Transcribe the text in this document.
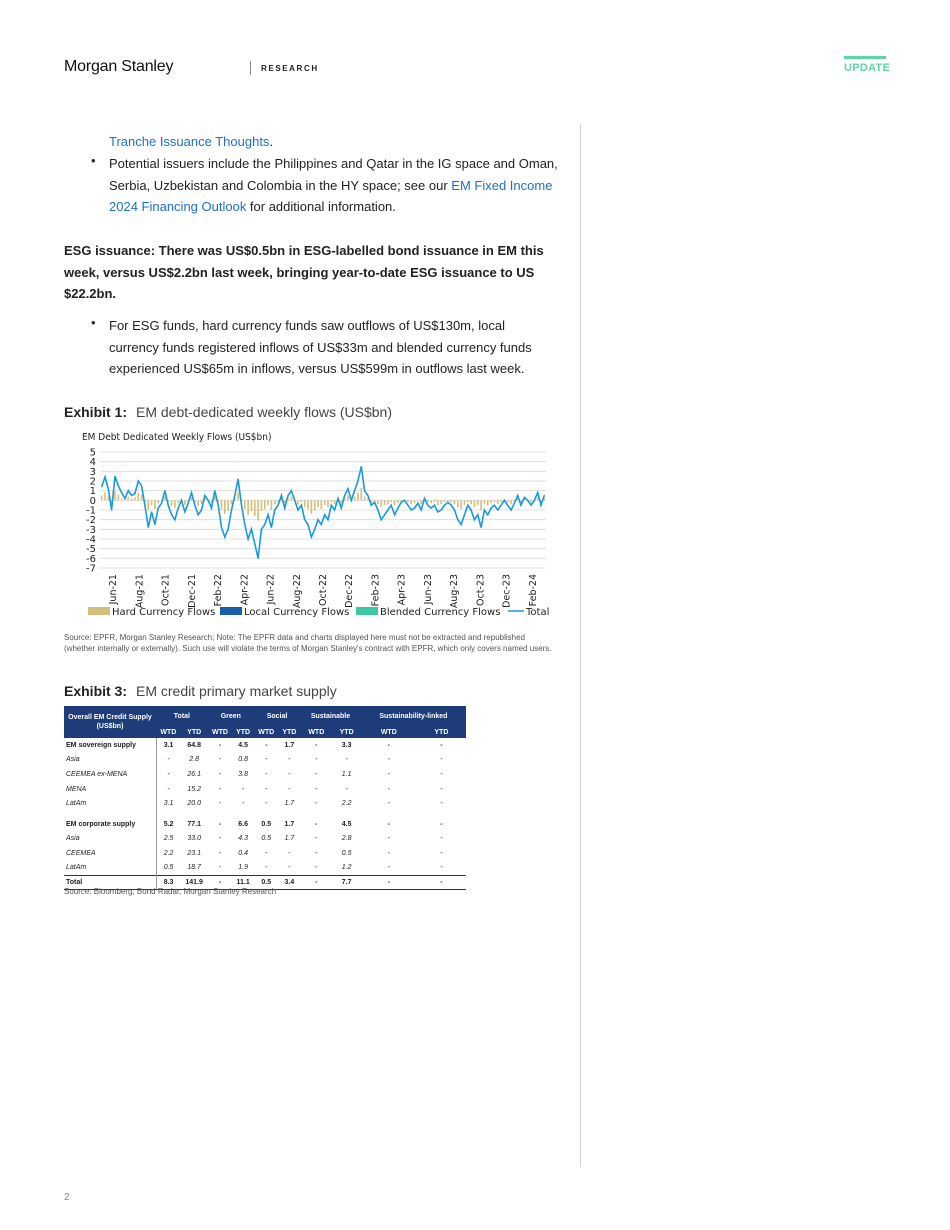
Morgan Stanley	RESEARCH	UPDATE
Tranche Issuance Thoughts.
• Potential issuers include the Philippines and Qatar in the IG space and Oman,
Serbia, Uzbekistan and Colombia in the HY space; see our EM Fixed Income
2024 Financing Outlook for additional information.
ESG issuance: There was US$0.5bn in ESG-labelled bond issuance in EM this
week, versus US$2.2bn last week, bringing year-to-date ESG issuance to US
$22.2bn.
• For ESG funds, hard currency funds saw outflows of US$130m, local
currency funds registered inflows of US$33m and blended currency funds
experienced US$65m in inflows, versus US$599m in outflows last week.
Exhibit 1: EM debt-dedicated weekly flows (US$bn)
EM Debt Dedicated Weekly Flows (US$bn)
5
4
3
2
1
0
-1
-2
-3
-4
-5
-6
-7
Jun-21 Aug-21 Oct-21 Dec-21 Feb-22 Apr-22 Jun-22 Aug-22 Oct-22 Dec-22 Feb-23 Apr-23 Jun-23 Aug-23 Oct-23 Dec-23 Feb-24
Hard Currency Flows	Local Currency Flows	Blended Currency Flows	Total
Source: EPFR, Morgan Stanley Research; Note: The EPFR data and charts displayed here must not be extracted and republished (whether internally or externally). Such use will violate the terms of Morgan Stanley's contract with EPFR, which only covers named users.
Exhibit 3: EM credit primary market supply
Overall EM Credit Supply (US$bn)	Total		Green		Social		Sustainable		Sustainability-linked	
	WTD	YTD	WTD	YTD	WTD	YTD	WTD	YTD	WTD	YTD
EM sovereign supply	3.1	64.8	-	4.5	-	1.7	-	3.3	-	-
Asia	-	2.8	-	0.8	-	-	-	-	-	-
CEEMEA ex-MENA	-	26.1	-	3.8	-	-	-	1.1	-	-
MENA	-	15.2	-	-	-	-	-	-	-	-
LatAm	3.1	20.0	-	-	-	1.7	-	2.2	-	-

EM corporate supply	5.2	77.1	-	6.6	0.5	1.7	-	4.5	-	-
Asia	2.5	33.0	-	4.3	0.5	1.7	-	2.8	-	-
CEEMEA	2.2	23.1	-	0.4	-	-	-	0.5	-	-
LatAm	0.5	18.7	-	1.9	-	-	-	1.2	-	-
Total	8.3	141.9	-	11.1	0.5	3.4	-	7.7	-	-
Source: Bloomberg, Bond Radar, Morgan Stanley Research
2
